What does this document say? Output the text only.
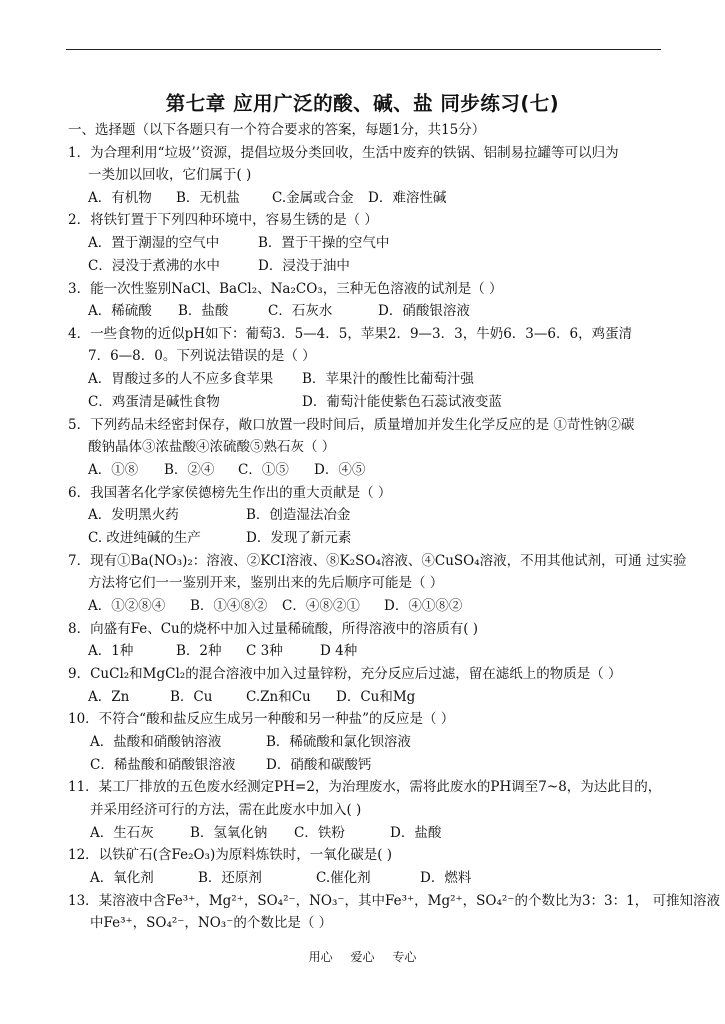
第七章 应用广泛的酸、碱、盐 同步练习(七)
一、选择题（以下各题只有一个符合要求的答案，每题1分，共15分）
1．为合理利用“垃圾’’资源，提倡垃圾分类回收，生活中废弃的铁锅、铝制易拉罐等可以归为
一类加以回收，它们属于( )
A．有机物 B．无机盐 C.金属或合金 D．难溶性碱
2．将铁钉置于下列四种环境中，容易生锈的是（ ）
A．置于潮湿的空气中	B．置于干操的空气中
C．浸没于煮沸的水中	D．浸没于油中
3．能一次性鉴别NaCl、BaCl₂、Na₂CO₃，三种无色溶液的试剂是（ ）
A．稀硫酸 B．盐酸	C．石灰水	D．硝酸银溶液
4．一些食物的近似pH如下：葡萄3．5—4．5，苹果2．9—3．3，牛奶6．3—6．6，鸡蛋清
7．6—8．0。下列说法错误的是（ ）
A．胃酸过多的人不应多食苹果 B．苹果汁的酸性比葡萄汁强
C．鸡蛋清是碱性食物	D．葡萄汁能使紫色石蕊试液变蓝
5．下列药品未经密封保存，敞口放置一段时间后，质量增加并发生化学反应的是 ①苛性钠②碳
酸钠晶体③浓盐酸④浓硫酸⑤熟石灰（ ）
A．①⑧ B．②④ C．①⑤ D．④⑤
6．我国著名化学家侯德榜先生作出的重大贡献是（ ）
A．发明黑火药	B．创造湿法冶金
C. 改进纯碱的生产	D．发现了新元素
7．现有①Ba(NO₃)₂：溶液、②KCI溶液、⑧K₂SO₄溶液、④CuSO₄溶液，不用其他试剂，可通 过实验
方法将它们一一鉴别开来，鉴别出来的先后顺序可能是（ ）
A．①②⑧④ B．①④⑧② C．④⑧②① D．④①⑧②
8．向盛有Fe、Cu的烧杯中加入过量稀硫酸，所得溶液中的溶质有( )
A．1种	B．2种 C 3种	D 4种
9．CuCl₂和MgCl₂的混合溶液中加入过量锌粉，充分反应后过滤，留在滤纸上的物质是（ ）
A．Zn	B．Cu C.Zn和Cu D．Cu和Mg
10．不符合“酸和盐反应生成另一种酸和另一种盐”的反应是（ ）
A．盐酸和硝酸钠溶液	B．稀硫酸和氯化钡溶液
C．稀盐酸和硝酸银溶液 D．硝酸和碳酸钙
11．某工厂排放的五色废水经测定PH=2，为治理废水，需将此废水的PH调至7~8，为达此目的，
并采用经济可行的方法，需在此废水中加入( )
A．生石灰	B．氢氧化钠 C．铁粉	D．盐酸
12．以铁矿石(含Fe₂O₃)为原料炼铁时，一氧化碳是( )
A．氧化剂	B．还原剂	C.催化剂	D．燃料
13．某溶液中含Fe³⁺，Mg²⁺，SO₄²⁻，NO₃⁻，其中Fe³⁺，Mg²⁺，SO₄²⁻的个数比为3：3：1， 可推知溶液
中Fe³⁺，SO₄²⁻，NO₃⁻的个数比是（ ）
用心 爱心 专心
